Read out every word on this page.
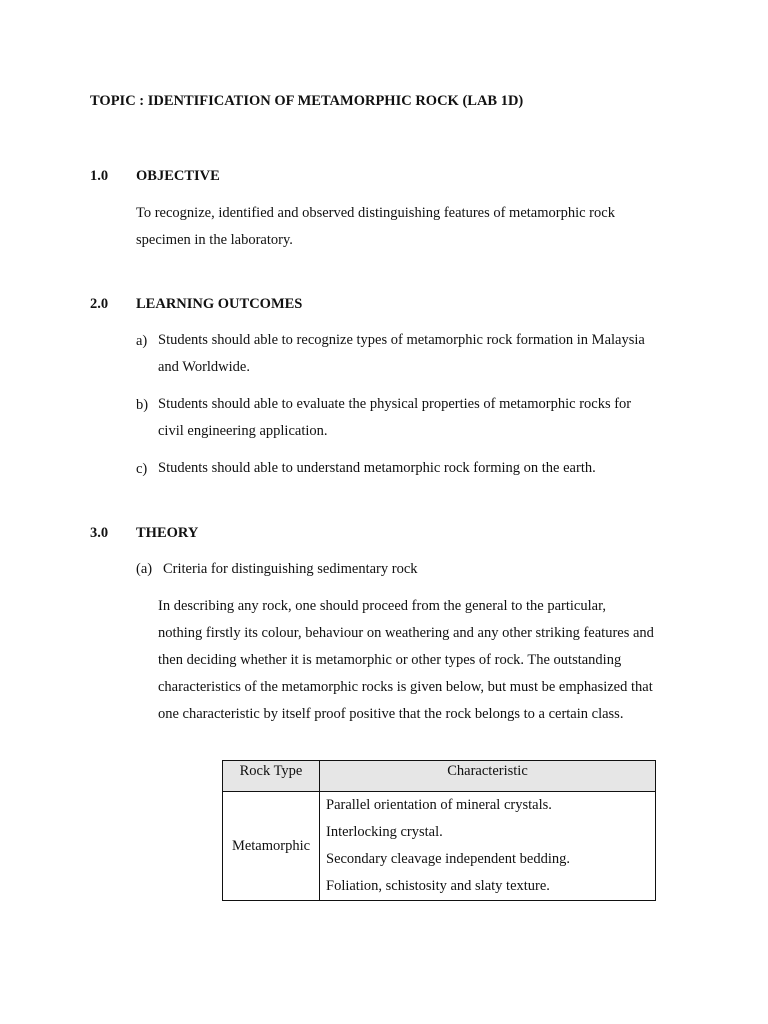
TOPIC : IDENTIFICATION OF METAMORPHIC ROCK (LAB 1D)
1.0 OBJECTIVE
To recognize, identified and observed distinguishing features of metamorphic rock
specimen in the laboratory.
2.0 LEARNING OUTCOMES
a) Students should able to recognize types of metamorphic rock formation in Malaysia
and Worldwide.
b) Students should able to evaluate the physical properties of metamorphic rocks for
civil engineering application.
c) Students should able to understand metamorphic rock forming on the earth.
3.0 THEORY
(a) Criteria for distinguishing sedimentary rock
In describing any rock, one should proceed from the general to the particular,
nothing firstly its colour, behaviour on weathering and any other striking features and
then deciding whether it is metamorphic or other types of rock. The outstanding
characteristics of the metamorphic rocks is given below, but must be emphasized that
one characteristic by itself proof positive that the rock belongs to a certain class.
Rock Type	Characteristic
Metamorphic	Parallel orientation of mineral crystals.
Interlocking crystal.
Secondary cleavage independent bedding.
Foliation, schistosity and slaty texture.
